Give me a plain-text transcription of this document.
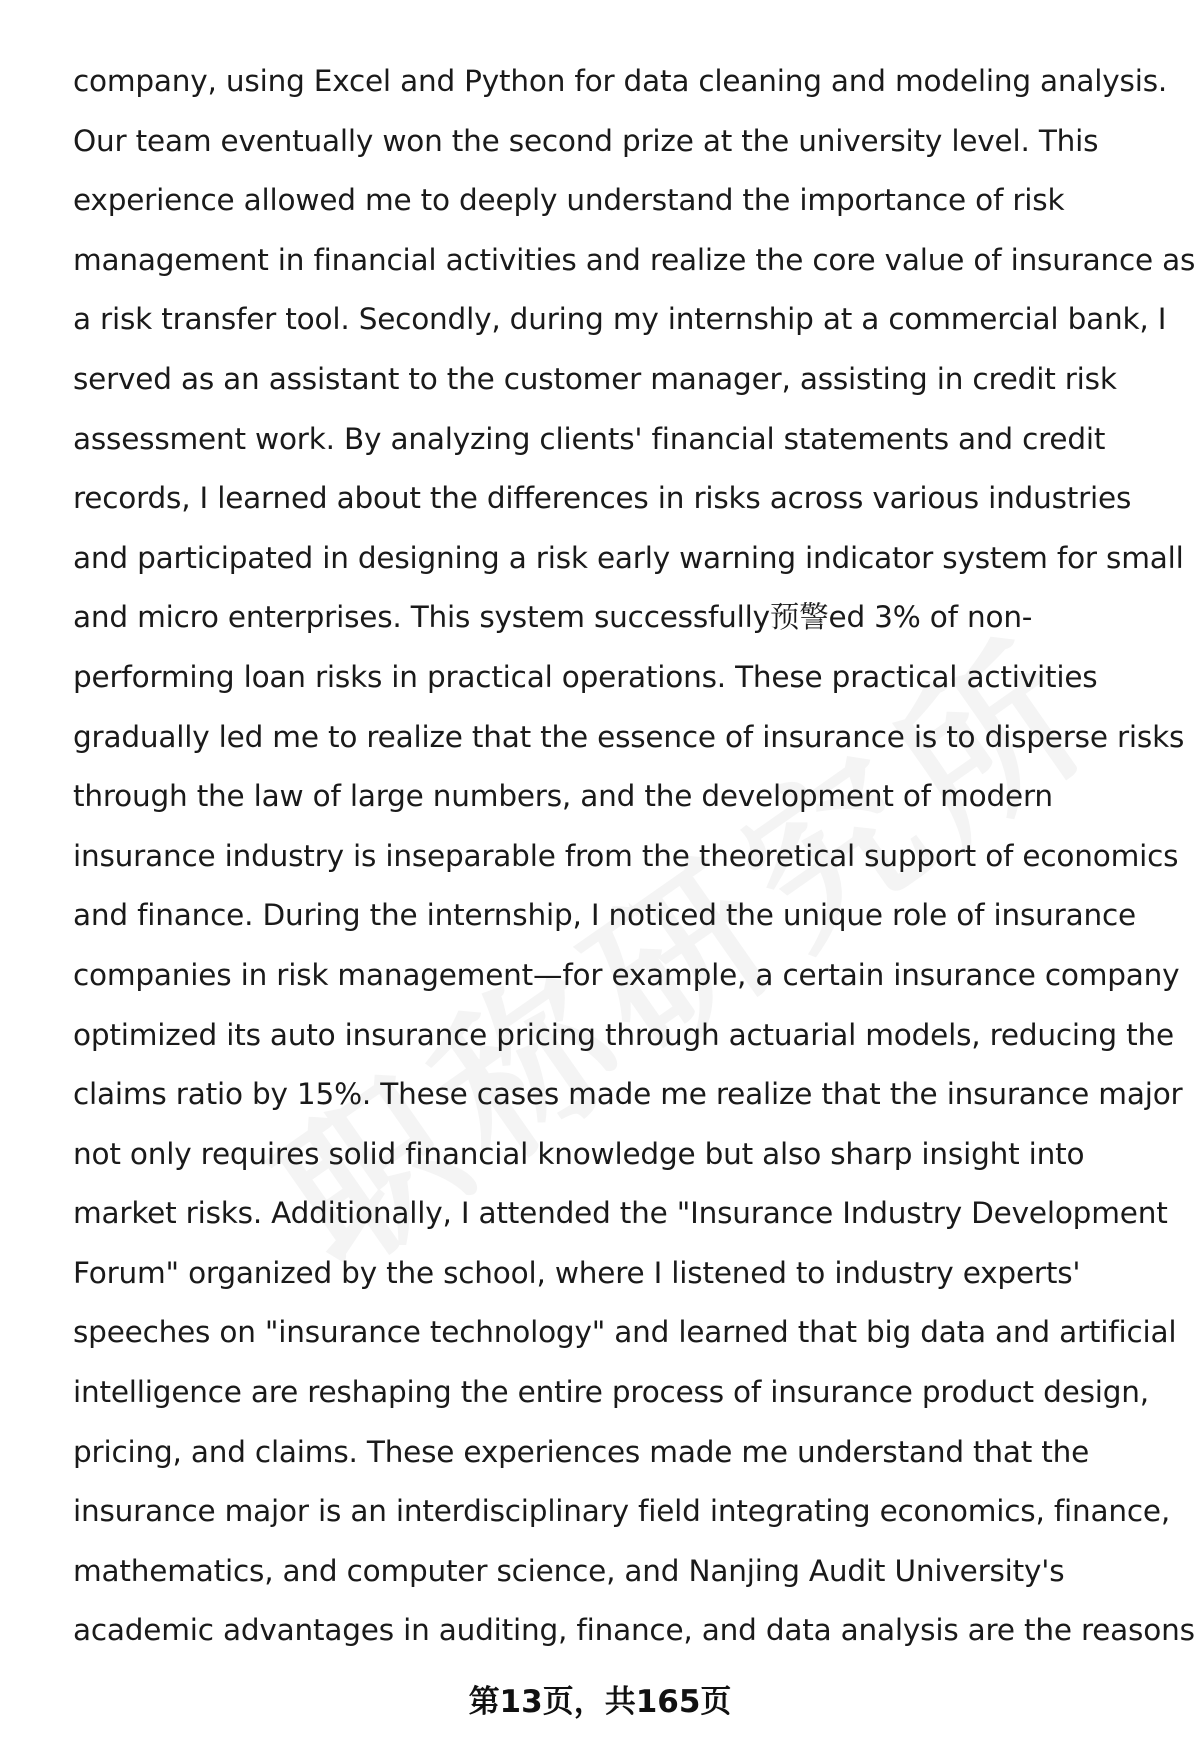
company, using Excel and Python for data cleaning and modeling analysis.
Our team eventually won the second prize at the university level. This
experience allowed me to deeply understand the importance of risk
management in financial activities and realize the core value of insurance as
a risk transfer tool. Secondly, during my internship at a commercial bank, I
served as an assistant to the customer manager, assisting in credit risk
assessment work. By analyzing clients' financial statements and credit
records, I learned about the differences in risks across various industries
and participated in designing a risk early warning indicator system for small
and micro enterprises. This system successfully预警ed 3% of non-
performing loan risks in practical operations. These practical activities
gradually led me to realize that the essence of insurance is to disperse risks
through the law of large numbers, and the development of modern
insurance industry is inseparable from the theoretical support of economics
and finance. During the internship, I noticed the unique role of insurance
companies in risk management—for example, a certain insurance company
optimized its auto insurance pricing through actuarial models, reducing the
claims ratio by 15%. These cases made me realize that the insurance major
not only requires solid financial knowledge but also sharp insight into
market risks. Additionally, I attended the "Insurance Industry Development
Forum" organized by the school, where I listened to industry experts'
speeches on "insurance technology" and learned that big data and artificial
intelligence are reshaping the entire process of insurance product design,
pricing, and claims. These experiences made me understand that the
insurance major is an interdisciplinary field integrating economics, finance,
mathematics, and computer science, and Nanjing Audit University's
academic advantages in auditing, finance, and data analysis are the reasons
第13页，共165页
